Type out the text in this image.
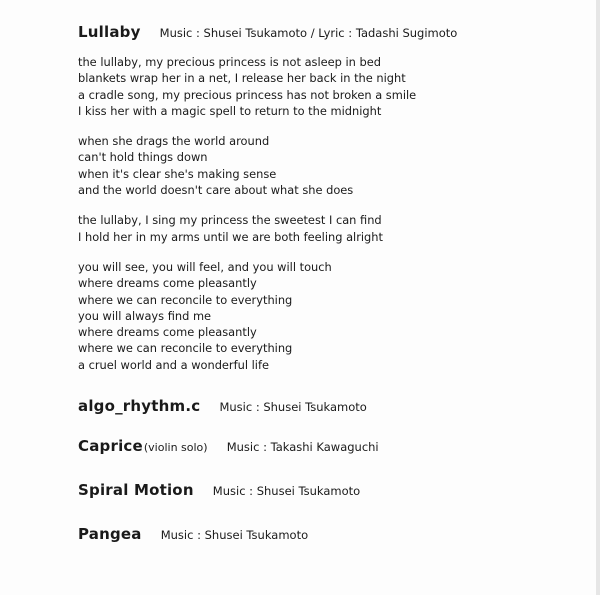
Lullaby Music : Shusei Tsukamoto / Lyric : Tadashi Sugimoto
the lullaby, my precious princess is not asleep in bed
blankets wrap her in a net, I release her back in the night
a cradle song, my precious princess has not broken a smile
I kiss her with a magic spell to return to the midnight
when she drags the world around
can't hold things down
when it's clear she's making sense
and the world doesn't care about what she does
the lullaby, I sing my princess the sweetest I can find
I hold her in my arms until we are both feeling alright
you will see, you will feel, and you will touch
where dreams come pleasantly
where we can reconcile to everything
you will always find me
where dreams come pleasantly
where we can reconcile to everything
a cruel world and a wonderful life
algo_rhythm.c Music : Shusei Tsukamoto
Caprice(violin solo) Music : Takashi Kawaguchi
Spiral Motion Music : Shusei Tsukamoto
Pangea Music : Shusei Tsukamoto
